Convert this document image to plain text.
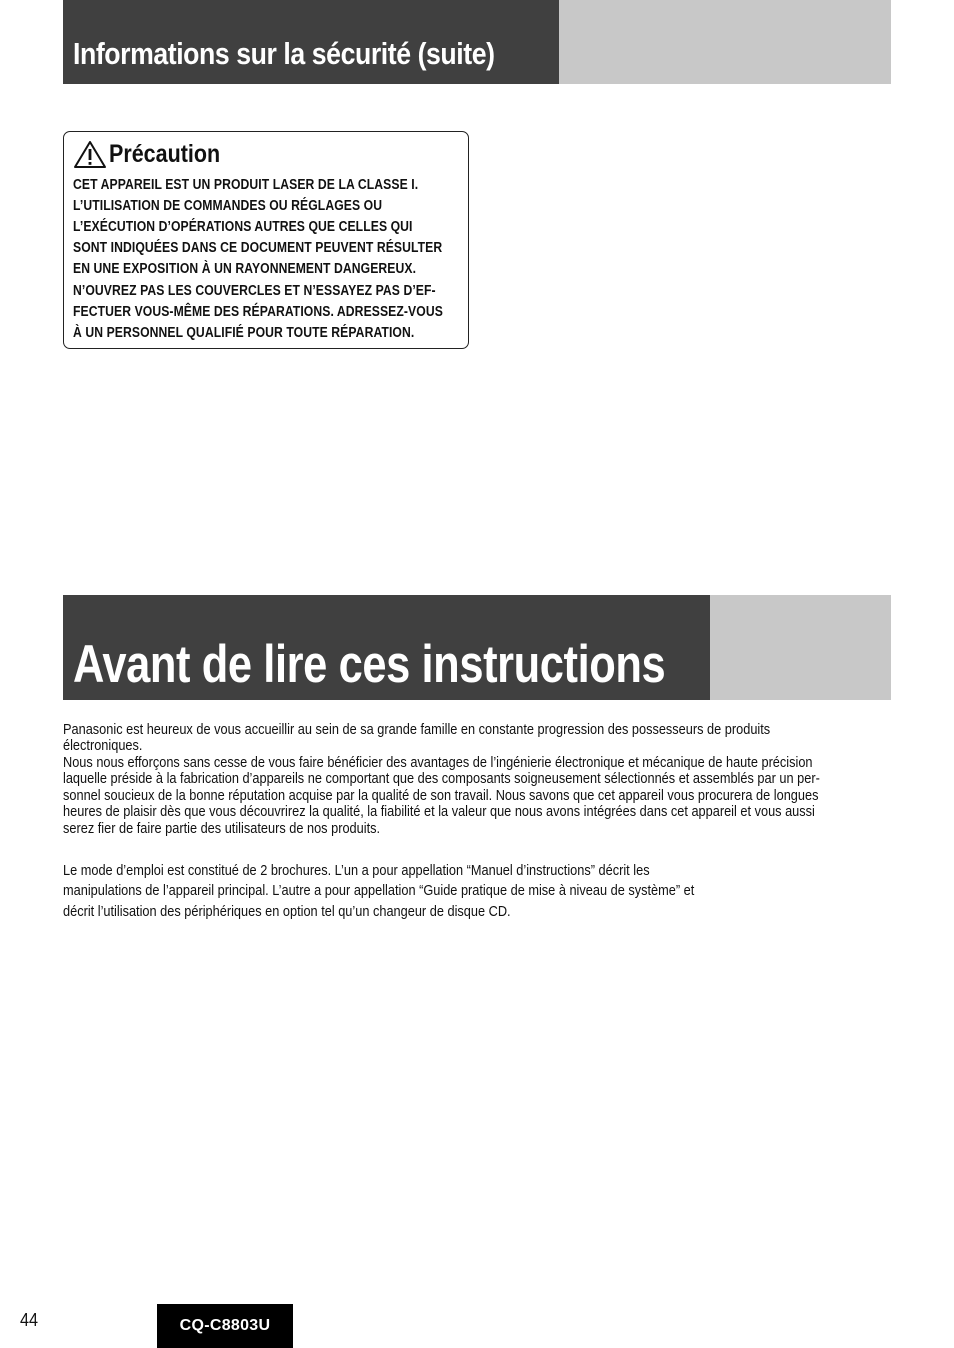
Informations sur la sécurité (suite)
Précaution
CET APPAREIL EST UN PRODUIT LASER DE LA CLASSE I.
L’UTILISATION DE COMMANDES OU RÉGLAGES OU
L’EXÉCUTION D’OPÉRATIONS AUTRES QUE CELLES QUI
SONT INDIQUÉES DANS CE DOCUMENT PEUVENT RÉSULTER
EN UNE EXPOSITION À UN RAYONNEMENT DANGEREUX.
N’OUVREZ PAS LES COUVERCLES ET N’ESSAYEZ PAS D’EF-
FECTUER VOUS-MÊME DES RÉPARATIONS. ADRESSEZ-VOUS
À UN PERSONNEL QUALIFIÉ POUR TOUTE RÉPARATION.
Avant de lire ces instructions
Panasonic est heureux de vous accueillir au sein de sa grande famille en constante progression des possesseurs de produits
électroniques.
Nous nous efforçons sans cesse de vous faire bénéficier des avantages de l’ingénierie électronique et mécanique de haute précision
laquelle préside à la fabrication d’appareils ne comportant que des composants soigneusement sélectionnés et assemblés par un per-
sonnel soucieux de la bonne réputation acquise par la qualité de son travail. Nous savons que cet appareil vous procurera de longues
heures de plaisir dès que vous découvrirez la qualité, la fiabilité et la valeur que nous avons intégrées dans cet appareil et vous aussi
serez fier de faire partie des utilisateurs de nos produits.
Le mode d’emploi est constitué de 2 brochures. L’un a pour appellation “Manuel d’instructions” décrit les
manipulations de l’appareil principal. L’autre a pour appellation “Guide pratique de mise à niveau de système” et
décrit l’utilisation des périphériques en option tel qu’un changeur de disque CD.
44	CQ-C8803U
